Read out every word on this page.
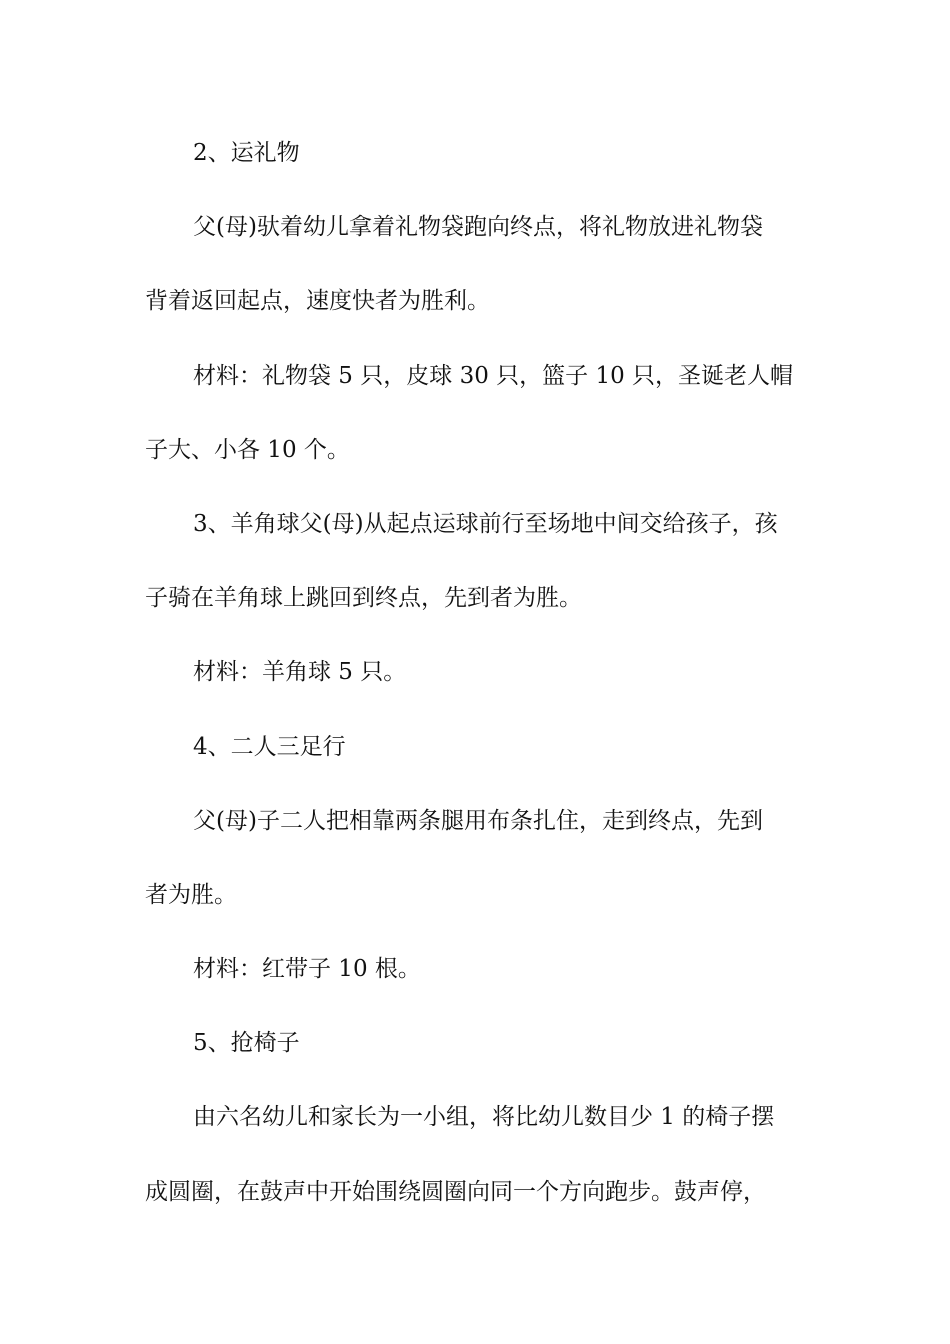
2、运礼物
父(母)驮着幼儿拿着礼物袋跑向终点，将礼物放进礼物袋
背着返回起点，速度快者为胜利。
材料：礼物袋 5 只，皮球 30 只，篮子 10 只，圣诞老人帽
子大、小各 10 个。
3、羊角球父(母)从起点运球前行至场地中间交给孩子，孩
子骑在羊角球上跳回到终点，先到者为胜。
材料：羊角球 5 只。
4、二人三足行
父(母)子二人把相靠两条腿用布条扎住，走到终点，先到
者为胜。
材料：红带子 10 根。
5、抢椅子
由六名幼儿和家长为一小组，将比幼儿数目少 1 的椅子摆
成圆圈，在鼓声中开始围绕圆圈向同一个方向跑步。鼓声停，
